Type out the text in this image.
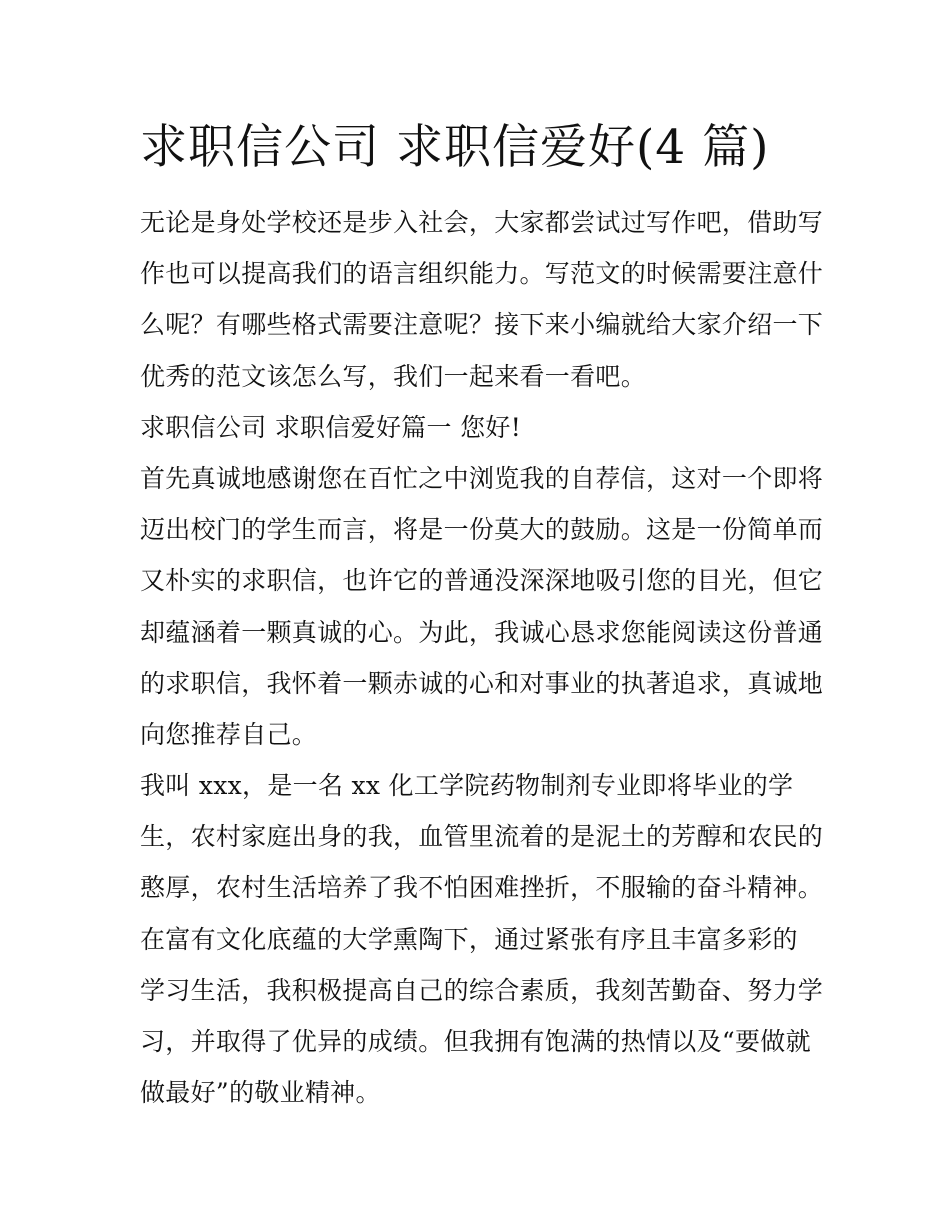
求职信公司 求职信爱好(4 篇)
无论是身处学校还是步入社会，大家都尝试过写作吧，借助写
作也可以提高我们的语言组织能力。写范文的时候需要注意什
么呢？有哪些格式需要注意呢？接下来小编就给大家介绍一下
优秀的范文该怎么写，我们一起来看一看吧。
求职信公司 求职信爱好篇一 您好!
首先真诚地感谢您在百忙之中浏览我的自荐信，这对一个即将
迈出校门的学生而言，将是一份莫大的鼓励。这是一份简单而
又朴实的求职信，也许它的普通没深深地吸引您的目光，但它
却蕴涵着一颗真诚的心。为此，我诚心恳求您能阅读这份普通
的求职信，我怀着一颗赤诚的心和对事业的执著追求，真诚地
向您推荐自己。
我叫 xxx，是一名 xx 化工学院药物制剂专业即将毕业的学
生，农村家庭出身的我，血管里流着的是泥土的芳醇和农民的
憨厚，农村生活培养了我不怕困难挫折，不服输的奋斗精神。
在富有文化底蕴的大学熏陶下，通过紧张有序且丰富多彩的
学习生活，我积极提高自己的综合素质，我刻苦勤奋、努力学
习，并取得了优异的成绩。但我拥有饱满的热情以及“要做就
做最好”的敬业精神。
